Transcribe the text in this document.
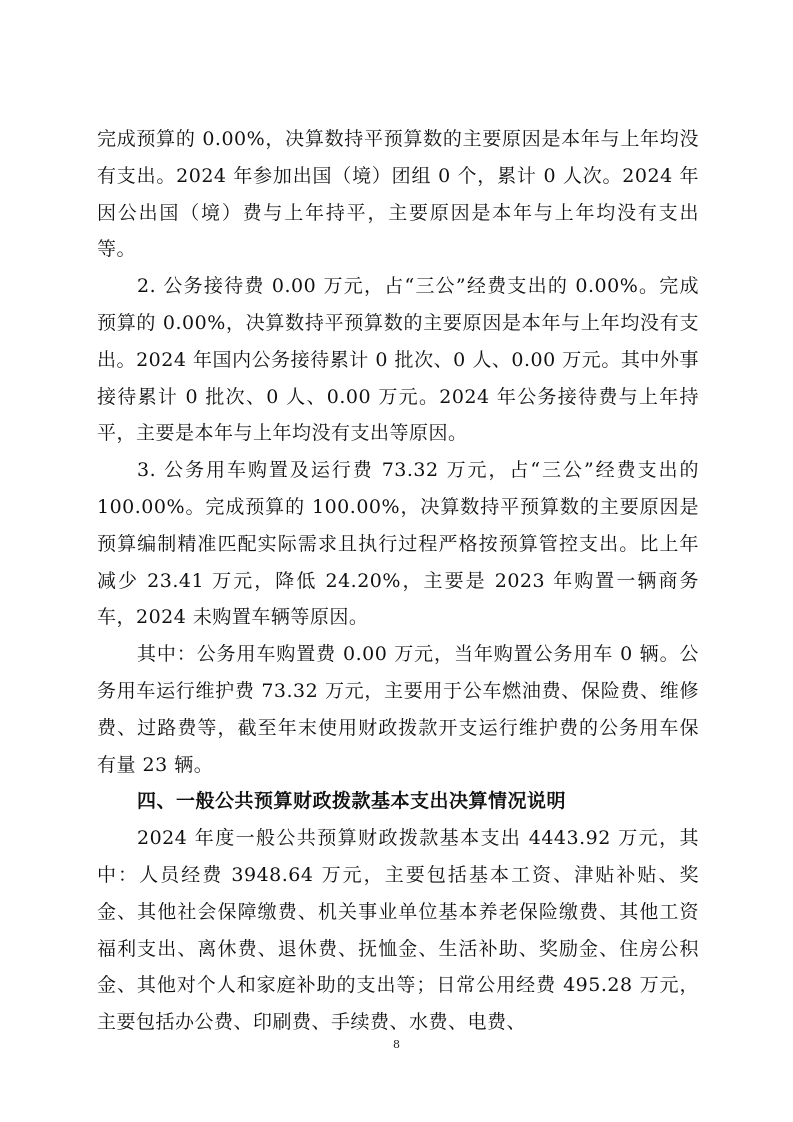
完成预算的 0.00%，决算数持平预算数的主要原因是本年与上年均没有支出。2024 年参加出国（境）团组 0 个，累计 0 人次。2024 年因公出国（境）费与上年持平，主要原因是本年与上年均没有支出等。

2. 公务接待费 0.00 万元，占“三公”经费支出的 0.00%。完成预算的 0.00%，决算数持平预算数的主要原因是本年与上年均没有支出。2024 年国内公务接待累计 0 批次、0 人、0.00 万元。其中外事接待累计 0 批次、0 人、0.00 万元。2024 年公务接待费与上年持平，主要是本年与上年均没有支出等原因。

3. 公务用车购置及运行费 73.32 万元，占“三公”经费支出的 100.00%。完成预算的 100.00%，决算数持平预算数的主要原因是预算编制精准匹配实际需求且执行过程严格按预算管控支出。比上年减少 23.41 万元，降低 24.20%，主要是 2023 年购置一辆商务车，2024 未购置车辆等原因。

其中：公务用车购置费 0.00 万元，当年购置公务用车 0 辆。公务用车运行维护费 73.32 万元，主要用于公车燃油费、保险费、维修费、过路费等，截至年末使用财政拨款开支运行维护费的公务用车保有量 23 辆。

四、一般公共预算财政拨款基本支出决算情况说明

2024 年度一般公共预算财政拨款基本支出 4443.92 万元，其中：人员经费 3948.64 万元，主要包括基本工资、津贴补贴、奖金、其他社会保障缴费、机关事业单位基本养老保险缴费、其他工资福利支出、离休费、退休费、抚恤金、生活补助、奖励金、住房公积金、其他对个人和家庭补助的支出等；日常公用经费 495.28 万元，主要包括办公费、印刷费、手续费、水费、电费、

8
